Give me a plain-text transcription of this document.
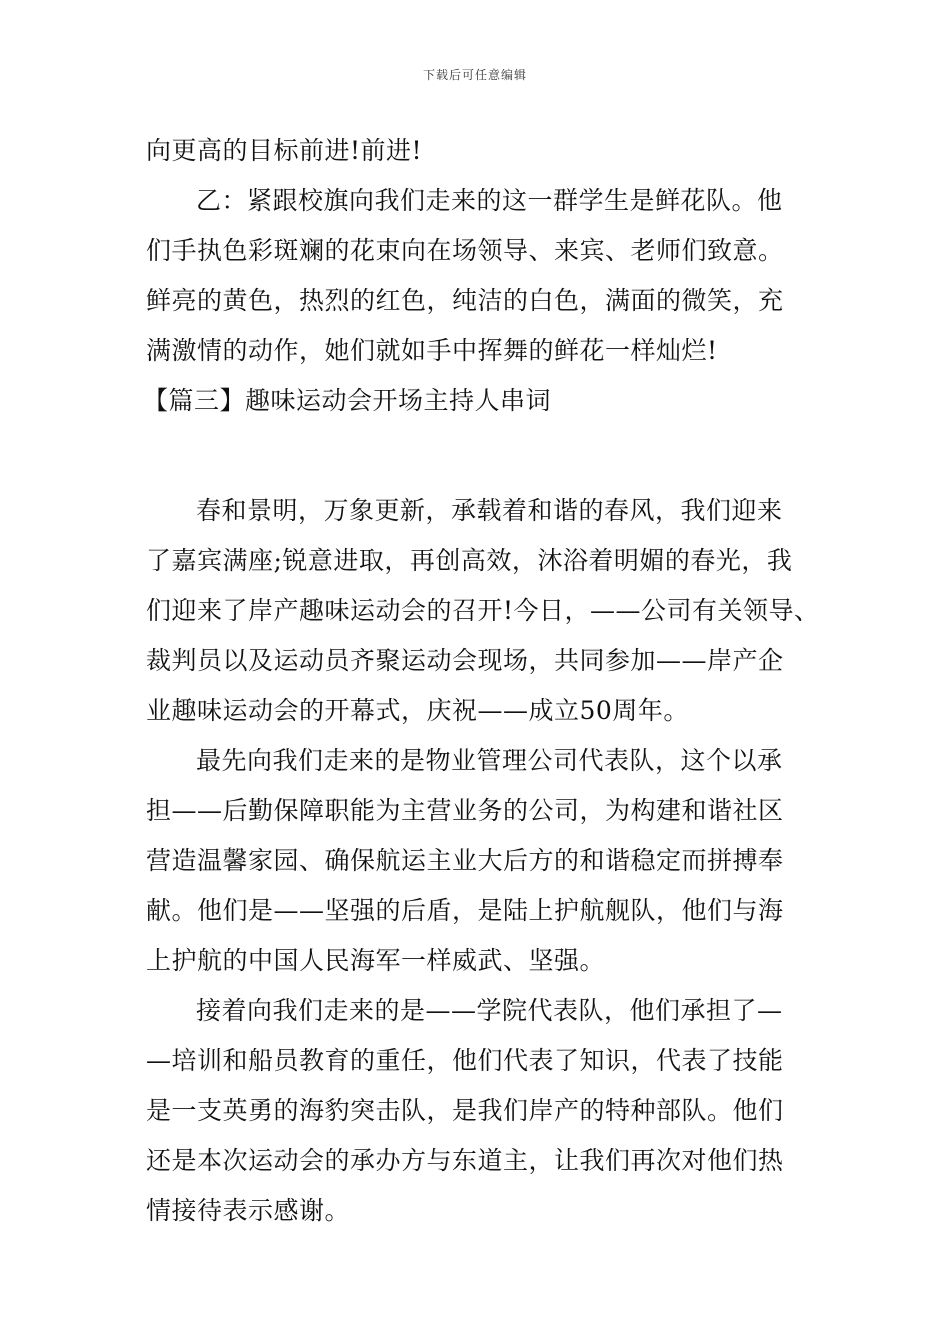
下载后可任意编辑
向更高的目标前进!前进!
乙：紧跟校旗向我们走来的这一群学生是鲜花队。他
们手执色彩斑斓的花束向在场领导、来宾、老师们致意。
鲜亮的黄色，热烈的红色，纯洁的白色，满面的微笑，充
满激情的动作，她们就如手中挥舞的鲜花一样灿烂!
【篇三】趣味运动会开场主持人串词
春和景明，万象更新，承载着和谐的春风，我们迎来
了嘉宾满座;锐意进取，再创高效，沐浴着明媚的春光，我
们迎来了岸产趣味运动会的召开!今日，——公司有关领导、
裁判员以及运动员齐聚运动会现场，共同参加——岸产企
业趣味运动会的开幕式，庆祝——成立50周年。
最先向我们走来的是物业管理公司代表队，这个以承
担——后勤保障职能为主营业务的公司，为构建和谐社区
营造温馨家园、确保航运主业大后方的和谐稳定而拼搏奉
献。他们是——坚强的后盾，是陆上护航舰队，他们与海
上护航的中国人民海军一样威武、坚强。
接着向我们走来的是——学院代表队，他们承担了—
—培训和船员教育的重任，他们代表了知识，代表了技能
是一支英勇的海豹突击队，是我们岸产的特种部队。他们
还是本次运动会的承办方与东道主，让我们再次对他们热
情接待表示感谢。
